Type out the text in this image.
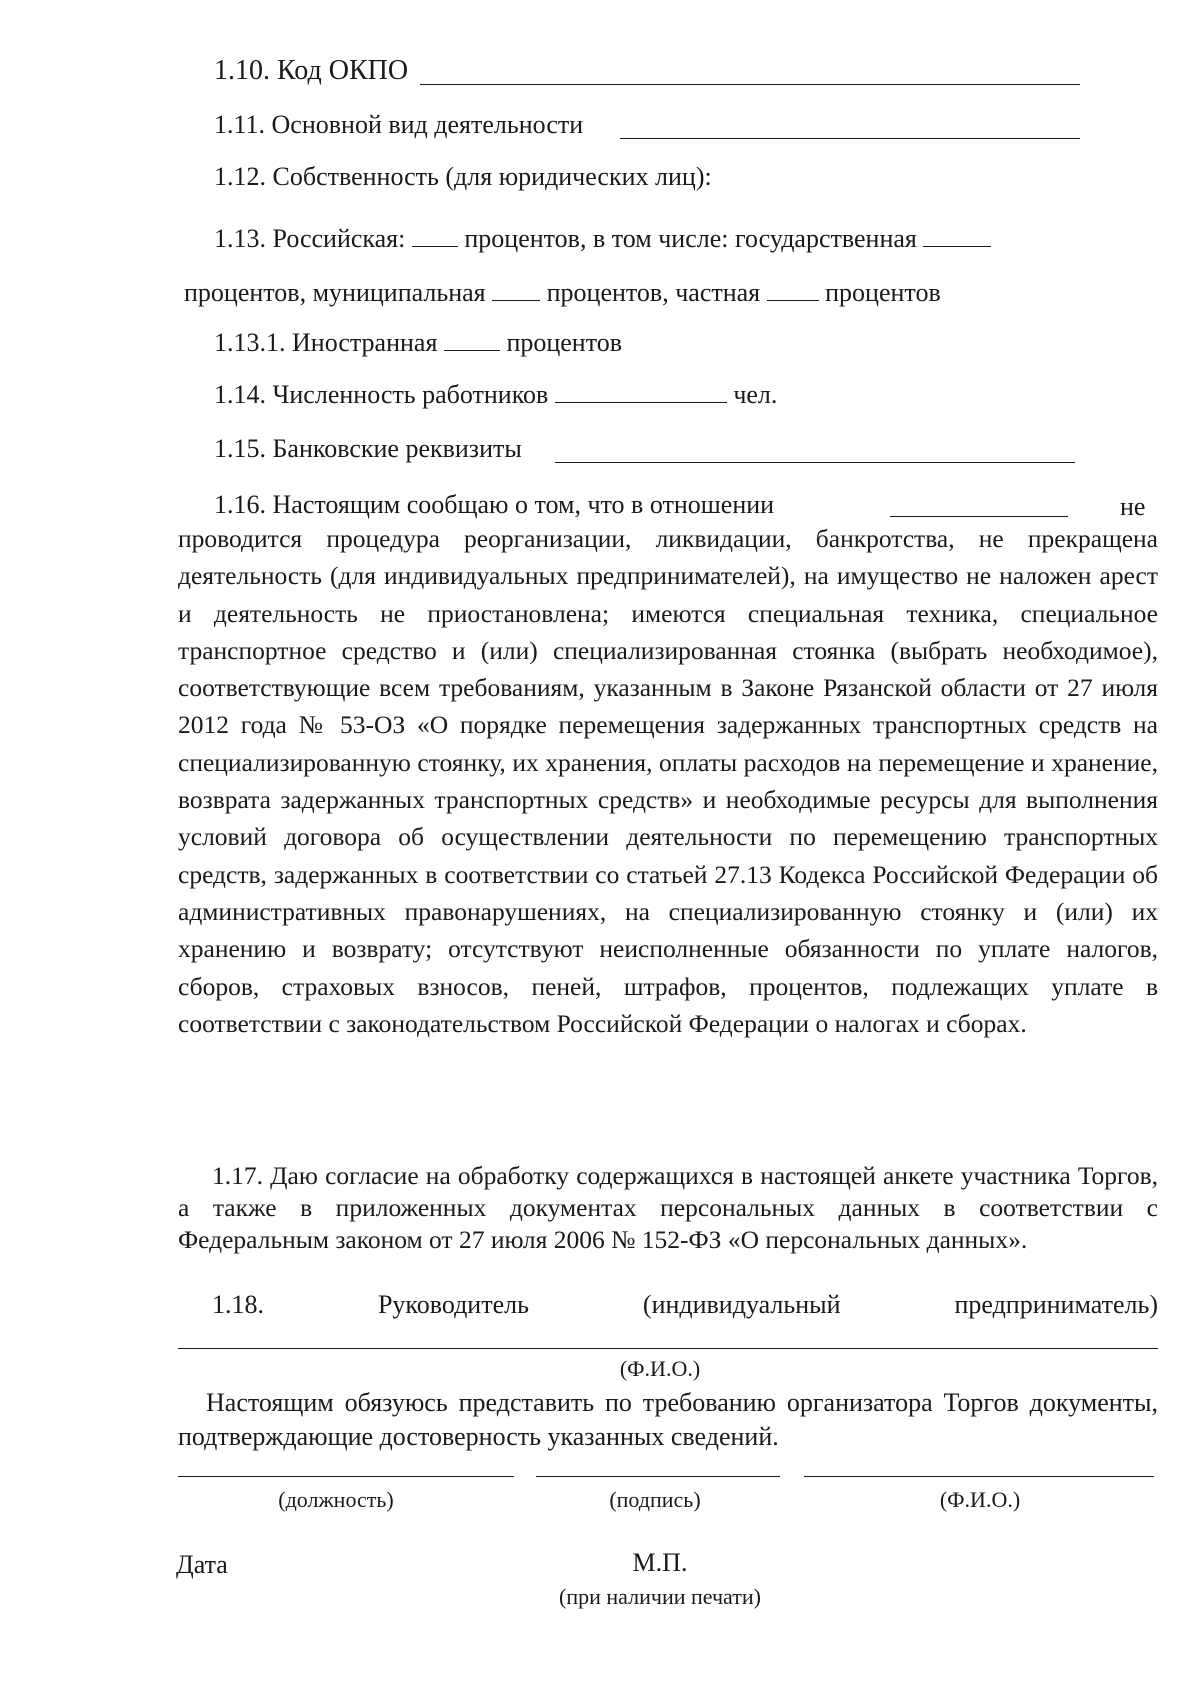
1.10. Код ОКПО
1.11. Основной вид деятельности
1.12. Собственность (для юридических лиц):
1.13. Российская: процентов, в том числе: государственная
процентов, муниципальная процентов, частная	процентов
1.13.1. Иностранная	процентов
1.14. Численность работников	чел.
1.15. Банковские реквизиты
1.16. Настоящим сообщаю о том, что в отношении	не
проводится процедура реорганизации, ликвидации, банкротства, не прекращена деятельность (для индивидуальных предпринимателей), на имущество не наложен арест и деятельность не приостановлена; имеются специальная техника, специальное транспортное средство и (или) специализированная стоянка (выбрать необходимое), соответствующие всем требованиям, указанным в Законе Рязанской области от 27 июля 2012 года № 53-ОЗ «О порядке перемещения задержанных транспортных средств на специализированную стоянку, их хранения, оплаты расходов на перемещение и хранение, возврата задержанных транспортных средств» и необходимые ресурсы для выполнения условий договора об осуществлении деятельности по перемещению транспортных средств, задержанных в соответствии со статьей 27.13 Кодекса Российской Федерации об административных правонарушениях, на специализированную стоянку и (или) их хранению и возврату; отсутствуют неисполненные обязанности по уплате налогов, сборов, страховых взносов, пеней, штрафов, процентов, подлежащих уплате в соответствии с законодательством Российской Федерации о налогах и сборах.
1.17. Даю согласие на обработку содержащихся в настоящей анкете участника Торгов, а также в приложенных документах персональных данных в соответствии с Федеральным законом от 27 июля 2006 № 152-ФЗ «О персональных данных».
1.18.	Руководитель	(индивидуальный	предприниматель)
(Ф.И.О.)
Настоящим обязуюсь представить по требованию организатора Торгов документы, подтверждающие достоверность указанных сведений.
(должность)	(подпись)	(Ф.И.О.)
Дата	М.П.
(при наличии печати)
